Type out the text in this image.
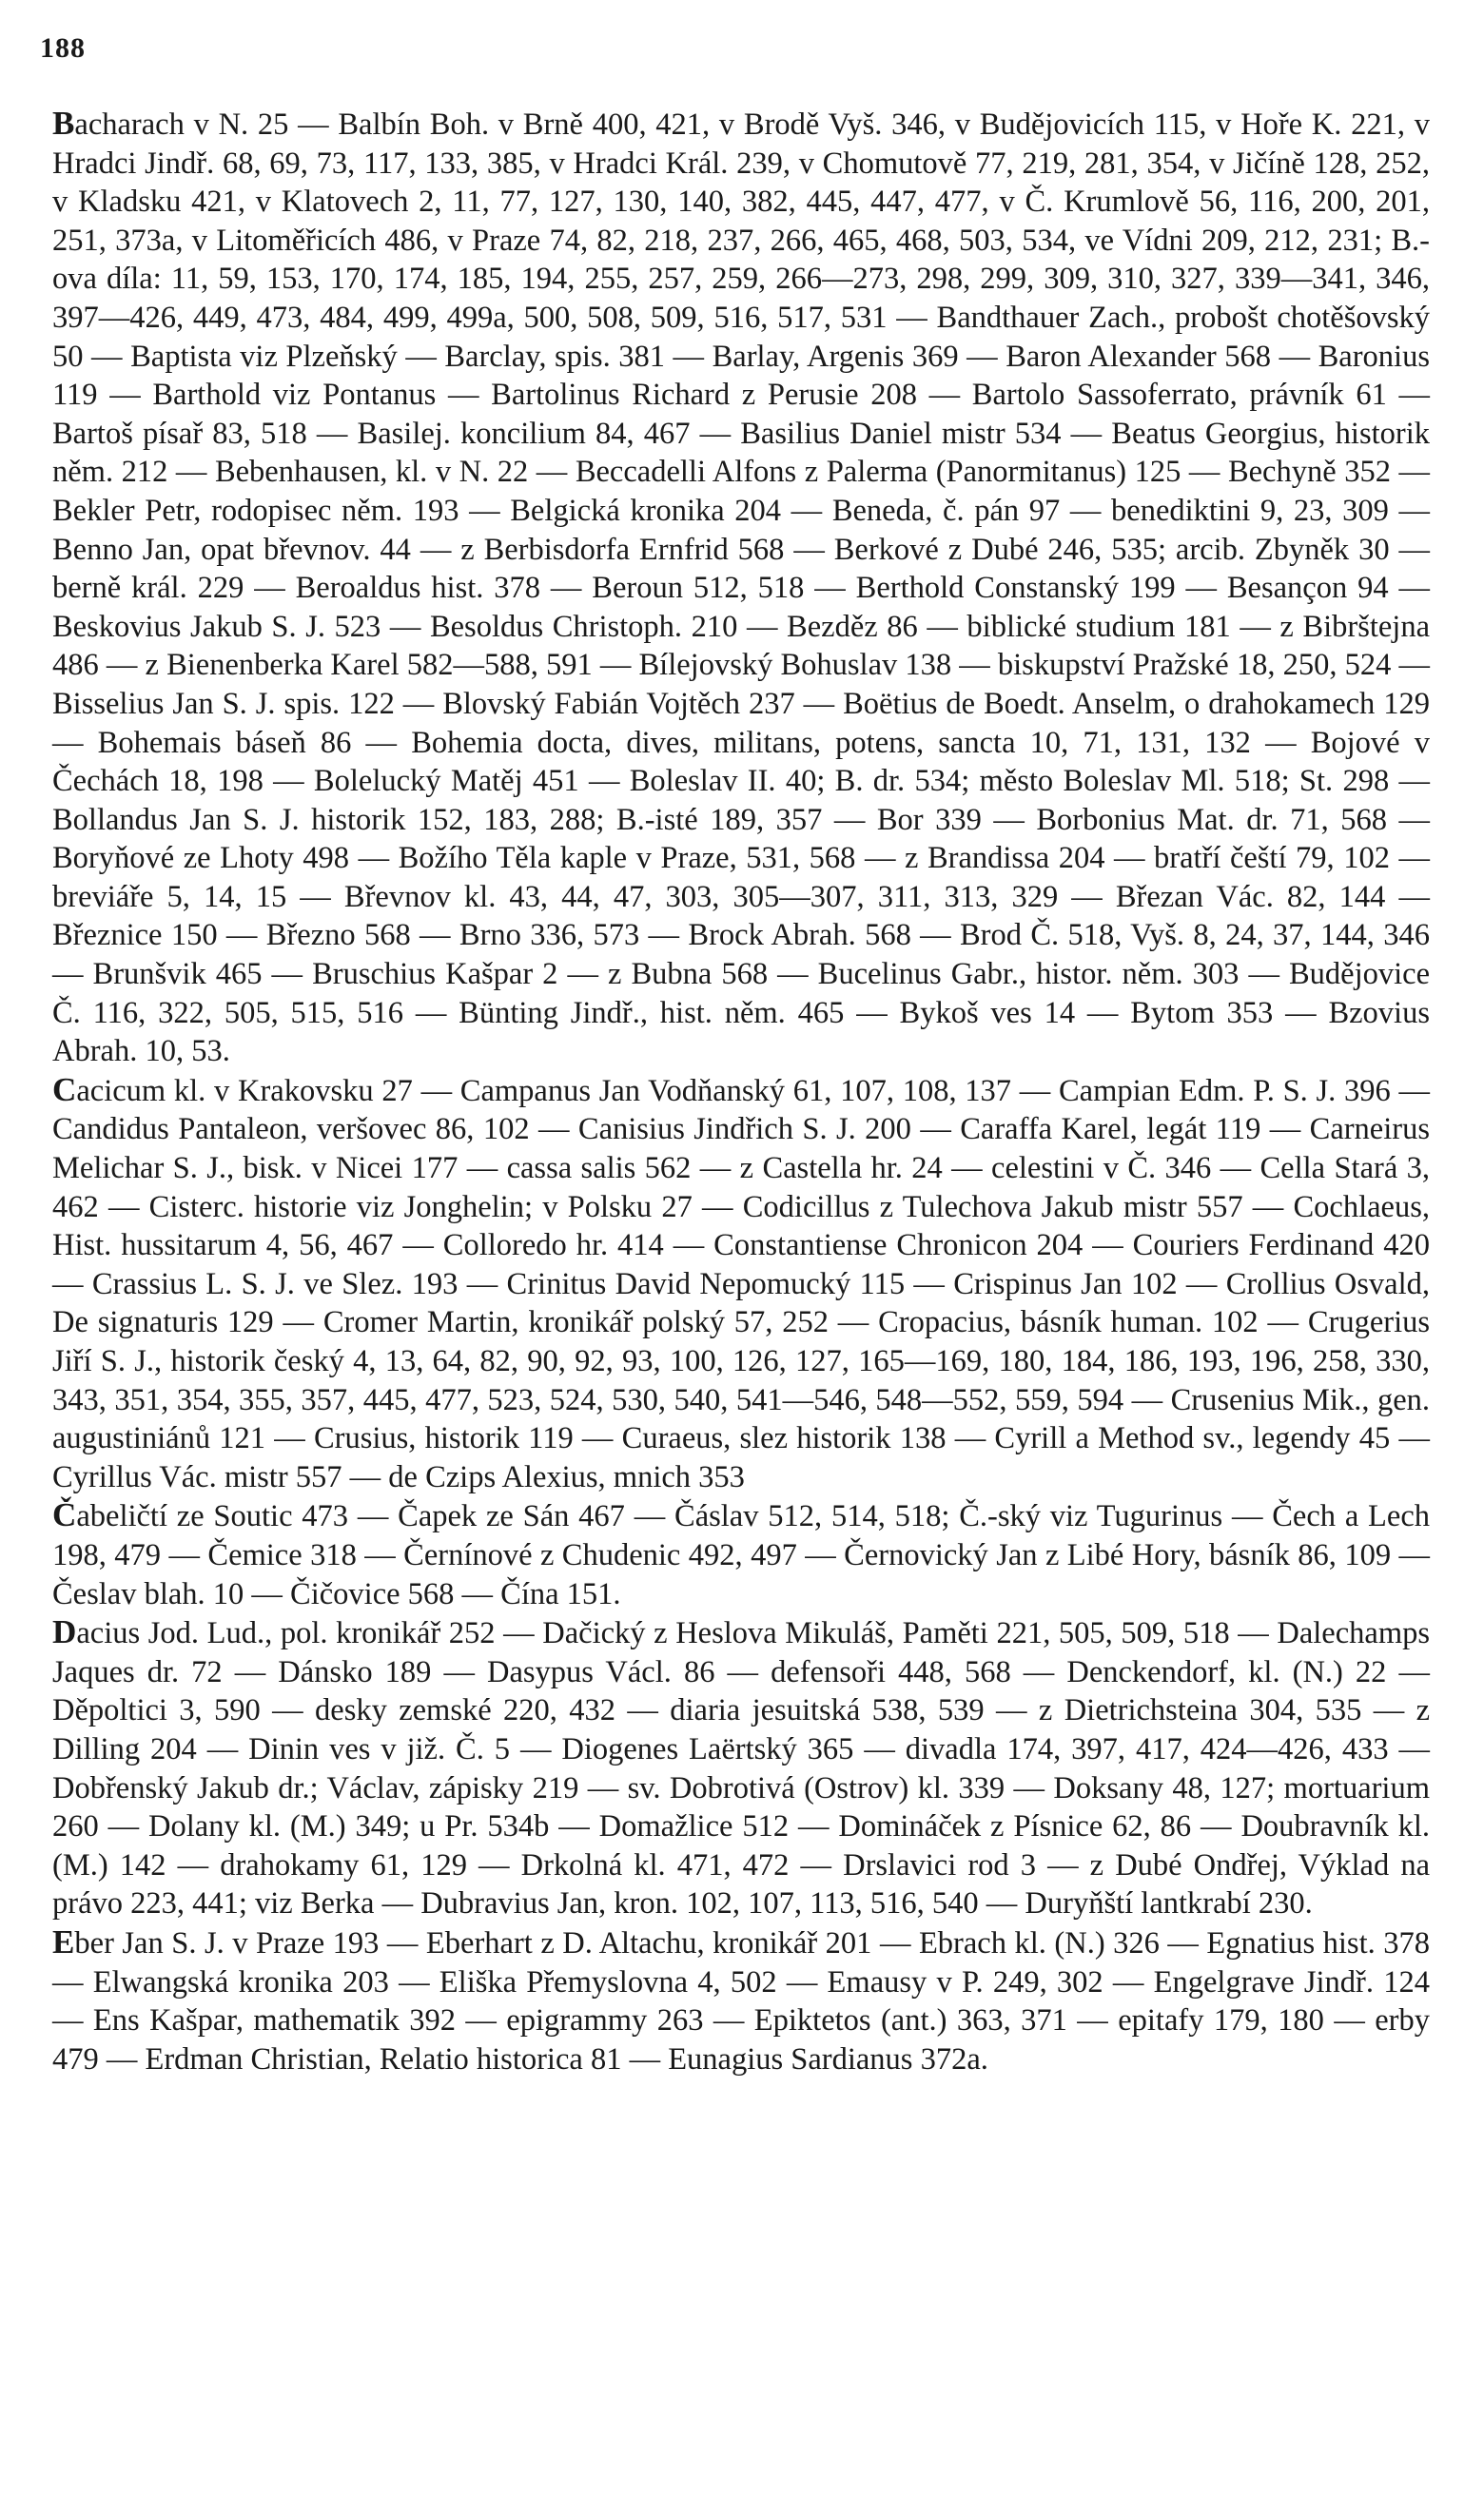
188

Bacharach v N. 25 — Balbín Boh. v Brně 400, 421, v Brodě Vyš. 346, v Budějovicích 115, v Hoře K. 221, v Hradci Jindř. 68, 69, 73, 117, 133, 385, v Hradci Král. 239, v Chomutově 77, 219, 281, 354, v Jičíně 128, 252, v Kladsku 421, v Klatovech 2, 11, 77, 127, 130, 140, 382, 445, 447, 477, v Č. Krumlově 56, 116, 200, 201, 251, 373a, v Litoměřicích 486, v Praze 74, 82, 218, 237, 266, 465, 468, 503, 534, ve Vídni 209, 212, 231; B.-ova díla: 11, 59, 153, 170, 174, 185, 194, 255, 257, 259, 266—273, 298, 299, 309, 310, 327, 339—341, 346, 397—426, 449, 473, 484, 499, 499a, 500, 508, 509, 516, 517, 531 — Bandthauer Zach., probošt chotěšovský 50 — Baptista viz Plzeňský — Barclay, spis. 381 — Barlay, Argenis 369 — Baron Alexander 568 — Baronius 119 — Barthold viz Pontanus — Bartolinus Richard z Perusie 208 — Bartolo Sassoferrato, právník 61 — Bartoš písař 83, 518 — Basilej. koncilium 84, 467 — Basilius Daniel mistr 534 — Beatus Georgius, historik něm. 212 — Bebenhausen, kl. v N. 22 — Beccadelli Alfons z Palerma (Panormitanus) 125 — Bechyně 352 — Bekler Petr, rodopisec něm. 193 — Belgická kronika 204 — Beneda, č. pán 97 — benediktini 9, 23, 309 — Benno Jan, opat břevnov. 44 — z Berbisdorfa Ernfrid 568 — Berkové z Dubé 246, 535; arcib. Zbyněk 30 — berně král. 229 — Beroaldus hist. 378 — Beroun 512, 518 — Berthold Constanský 199 — Besançon 94 — Beskovius Jakub S. J. 523 — Besoldus Christoph. 210 — Bezděz 86 — biblické studium 181 — z Bibrštejna 486 — z Bienenberka Karel 582—588, 591 — Bílejovský Bohuslav 138 — biskupství Pražské 18, 250, 524 — Bisselius Jan S. J. spis. 122 — Blovský Fabián Vojtěch 237 — Boëtius de Boedt. Anselm, o drahokamech 129 — Bohemais báseň 86 — Bohemia docta, dives, militans, potens, sancta 10, 71, 131, 132 — Bojové v Čechách 18, 198 — Bolelucký Matěj 451 — Boleslav II. 40; B. dr. 534; město Boleslav Ml. 518; St. 298 — Bollandus Jan S. J. historik 152, 183, 288; B.-isté 189, 357 — Bor 339 — Borbonius Mat. dr. 71, 568 — Boryňové ze Lhoty 498 — Božího Těla kaple v Praze, 531, 568 — z Brandissa 204 — bratří čeští 79, 102 — breviáře 5, 14, 15 — Břevnov kl. 43, 44, 47, 303, 305—307, 311, 313, 329 — Březan Vác. 82, 144 — Březnice 150 — Březno 568 — Brno 336, 573 — Brock Abrah. 568 — Brod Č. 518, Vyš. 8, 24, 37, 144, 346 — Brunšvik 465 — Bruschius Kašpar 2 — z Bubna 568 — Bucelinus Gabr., histor. něm. 303 — Budějovice Č. 116, 322, 505, 515, 516 — Bünting Jindř., hist. něm. 465 — Bykoš ves 14 — Bytom 353 — Bzovius Abrah. 10, 53.

Cacicum kl. v Krakovsku 27 — Campanus Jan Vodňanský 61, 107, 108, 137 — Campian Edm. P. S. J. 396 — Candidus Pantaleon, veršovec 86, 102 — Canisius Jindřich S. J. 200 — Caraffa Karel, legát 119 — Carneirus Melichar S. J., bisk. v Nicei 177 — cassa salis 562 — z Castella hr. 24 — celestini v Č. 346 — Cella Stará 3, 462 — Cisterc. historie viz Jonghelin; v Polsku 27 — Codicillus z Tulechova Jakub mistr 557 — Cochlaeus, Hist. hussitarum 4, 56, 467 — Colloredo hr. 414 — Constantiense Chronicon 204 — Couriers Ferdinand 420 — Crassius L. S. J. ve Slez. 193 — Crinitus David Nepomucký 115 — Crispinus Jan 102 — Crollius Osvald, De signaturis 129 — Cromer Martin, kronikář polský 57, 252 — Cropacius, básník human. 102 — Crugerius Jiří S. J., historik český 4, 13, 64, 82, 90, 92, 93, 100, 126, 127, 165—169, 180, 184, 186, 193, 196, 258, 330, 343, 351, 354, 355, 357, 445, 477, 523, 524, 530, 540, 541—546, 548—552, 559, 594 — Crusenius Mik., gen. augustiniánů 121 — Crusius, historik 119 — Curaeus, slez historik 138 — Cyrill a Method sv., legendy 45 — Cyrillus Vác. mistr 557 — de Czips Alexius, mnich 353

Čabeličtí ze Soutic 473 — Čapek ze Sán 467 — Čáslav 512, 514, 518; Č.-ský viz Tugurinus — Čech a Lech 198, 479 — Čemice 318 — Černínové z Chudenic 492, 497 — Černovický Jan z Libé Hory, básník 86, 109 — Česlav blah. 10 — Čičovice 568 — Čína 151.

Dacius Jod. Lud., pol. kronikář 252 — Dačický z Heslova Mikuláš, Paměti 221, 505, 509, 518 — Dalechamps Jaques dr. 72 — Dánsko 189 — Dasypus Václ. 86 — defensoři 448, 568 — Denckendorf, kl. (N.) 22 — Děpoltici 3, 590 — desky zemské 220, 432 — diaria jesuitská 538, 539 — z Dietrichsteina 304, 535 — z Dilling 204 — Dinin ves v již. Č. 5 — Diogenes Laërtský 365 — divadla 174, 397, 417, 424—426, 433 — Dobřenský Jakub dr.; Václav, zápisky 219 — sv. Dobrotivá (Ostrov) kl. 339 — Doksany 48, 127; mortuarium 260 — Dolany kl. (M.) 349; u Pr. 534b — Domažlice 512 — Domináček z Písnice 62, 86 — Doubravník kl. (M.) 142 — drahokamy 61, 129 — Drkolná kl. 471, 472 — Drslavici rod 3 — z Dubé Ondřej, Výklad na právo 223, 441; viz Berka — Dubravius Jan, kron. 102, 107, 113, 516, 540 — Duryňští lantkrabí 230.

Eber Jan S. J. v Praze 193 — Eberhart z D. Altachu, kronikář 201 — Ebrach kl. (N.) 326 — Egnatius hist. 378 — Elwangská kronika 203 — Eliška Přemyslovna 4, 502 — Emausy v P. 249, 302 — Engelgrave Jindř. 124 — Ens Kašpar, mathematik 392 — epigrammy 263 — Epiktetos (ant.) 363, 371 — epitafy 179, 180 — erby 479 — Erdman Christian, Relatio historica 81 — Eunagius Sardianus 372a.
